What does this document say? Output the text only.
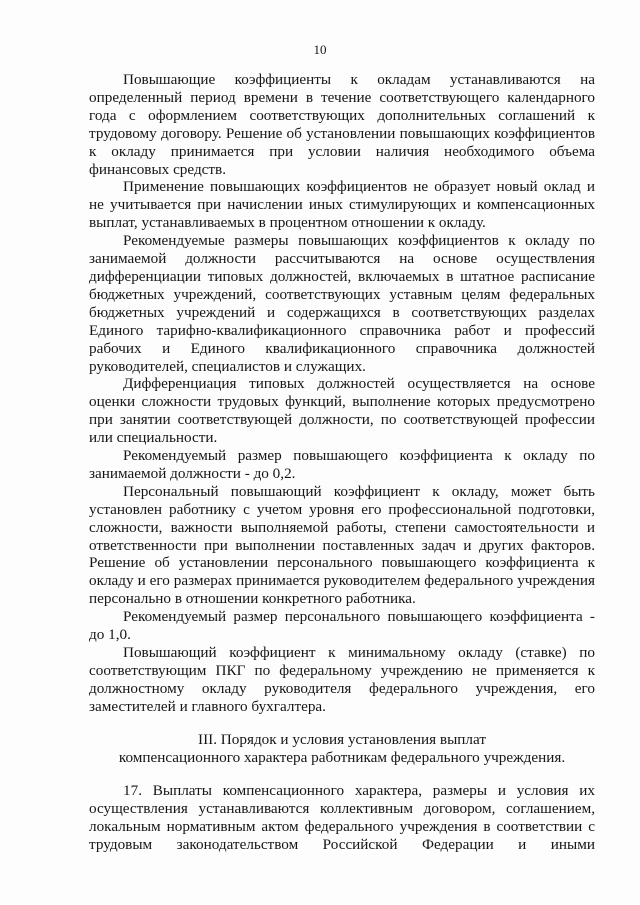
10

Повышающие коэффициенты к окладам устанавливаются на определенный период времени в течение соответствующего календарного года с оформлением соответствующих дополнительных соглашений к трудовому договору. Решение об установлении повышающих коэффициентов к окладу принимается при условии наличия необходимого объема финансовых средств.

Применение повышающих коэффициентов не образует новый оклад и не учитывается при начислении иных стимулирующих и компенсационных выплат, устанавливаемых в процентном отношении к окладу.

Рекомендуемые размеры повышающих коэффициентов к окладу по занимаемой должности рассчитываются на основе осуществления дифференциации типовых должностей, включаемых в штатное расписание бюджетных учреждений, соответствующих уставным целям федеральных бюджетных учреждений и содержащихся в соответствующих разделах Единого тарифно-квалификационного справочника работ и профессий рабочих и Единого квалификационного справочника должностей руководителей, специалистов и служащих.

Дифференциация типовых должностей осуществляется на основе оценки сложности трудовых функций, выполнение которых предусмотрено при занятии соответствующей должности, по соответствующей профессии или специальности.

Рекомендуемый размер повышающего коэффициента к окладу по занимаемой должности - до 0,2.

Персональный повышающий коэффициент к окладу, может быть установлен работнику с учетом уровня его профессиональной подготовки, сложности, важности выполняемой работы, степени самостоятельности и ответственности при выполнении поставленных задач и других факторов. Решение об установлении персонального повышающего коэффициента к окладу и его размерах принимается руководителем федерального учреждения персонально в отношении конкретного работника.

Рекомендуемый размер персонального повышающего коэффициента - до 1,0.

Повышающий коэффициент к минимальному окладу (ставке) по соответствующим ПКГ по федеральному учреждению не применяется к должностному окладу руководителя федерального учреждения, его заместителей и главного бухгалтера.

III. Порядок и условия установления выплат
компенсационного характера работникам федерального учреждения.

17. Выплаты компенсационного характера, размеры и условия их осуществления устанавливаются коллективным договором, соглашением, локальным нормативным актом федерального учреждения в соответствии с трудовым законодательством Российской Федерации и иными
